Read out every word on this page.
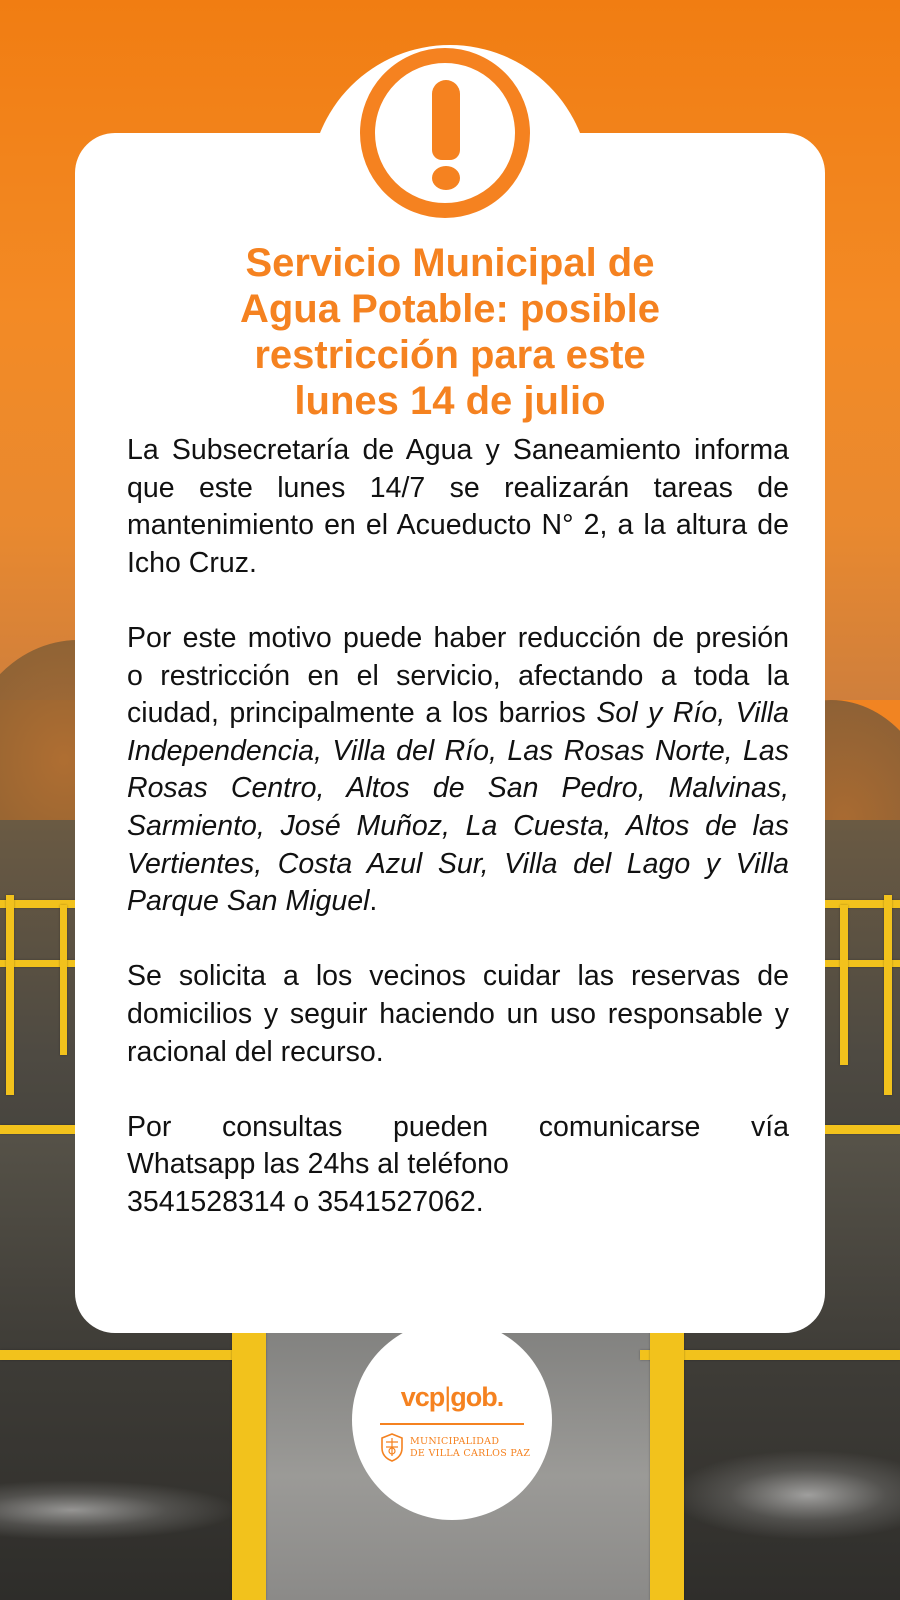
Servicio Municipal de
Agua Potable: posible
restricción para este
lunes 14 de julio

La Subsecretaría de Agua y Saneamiento informa que este lunes 14/7 se realizarán tareas de mantenimiento en el Acueducto N° 2, a la altura de Icho Cruz.

Por este motivo puede haber reducción de presión o restricción en el servicio, afectando a toda la ciudad, principalmente a los barrios Sol y Río, Villa Independencia, Villa del Río, Las Rosas Norte, Las Rosas Centro, Altos de San Pedro, Malvinas, Sarmiento, José Muñoz, La Cuesta, Altos de las Vertientes, Costa Azul Sur, Villa del Lago y Villa Parque San Miguel.

Se solicita a los vecinos cuidar las reservas de domicilios y seguir haciendo un uso responsable y racional del recurso.

Por consultas pueden comunicarse vía
Whatsapp las 24hs al teléfono
3541528314 o 3541527062.

vcp|gob.
MUNICIPALIDAD
DE VILLA CARLOS PAZ
